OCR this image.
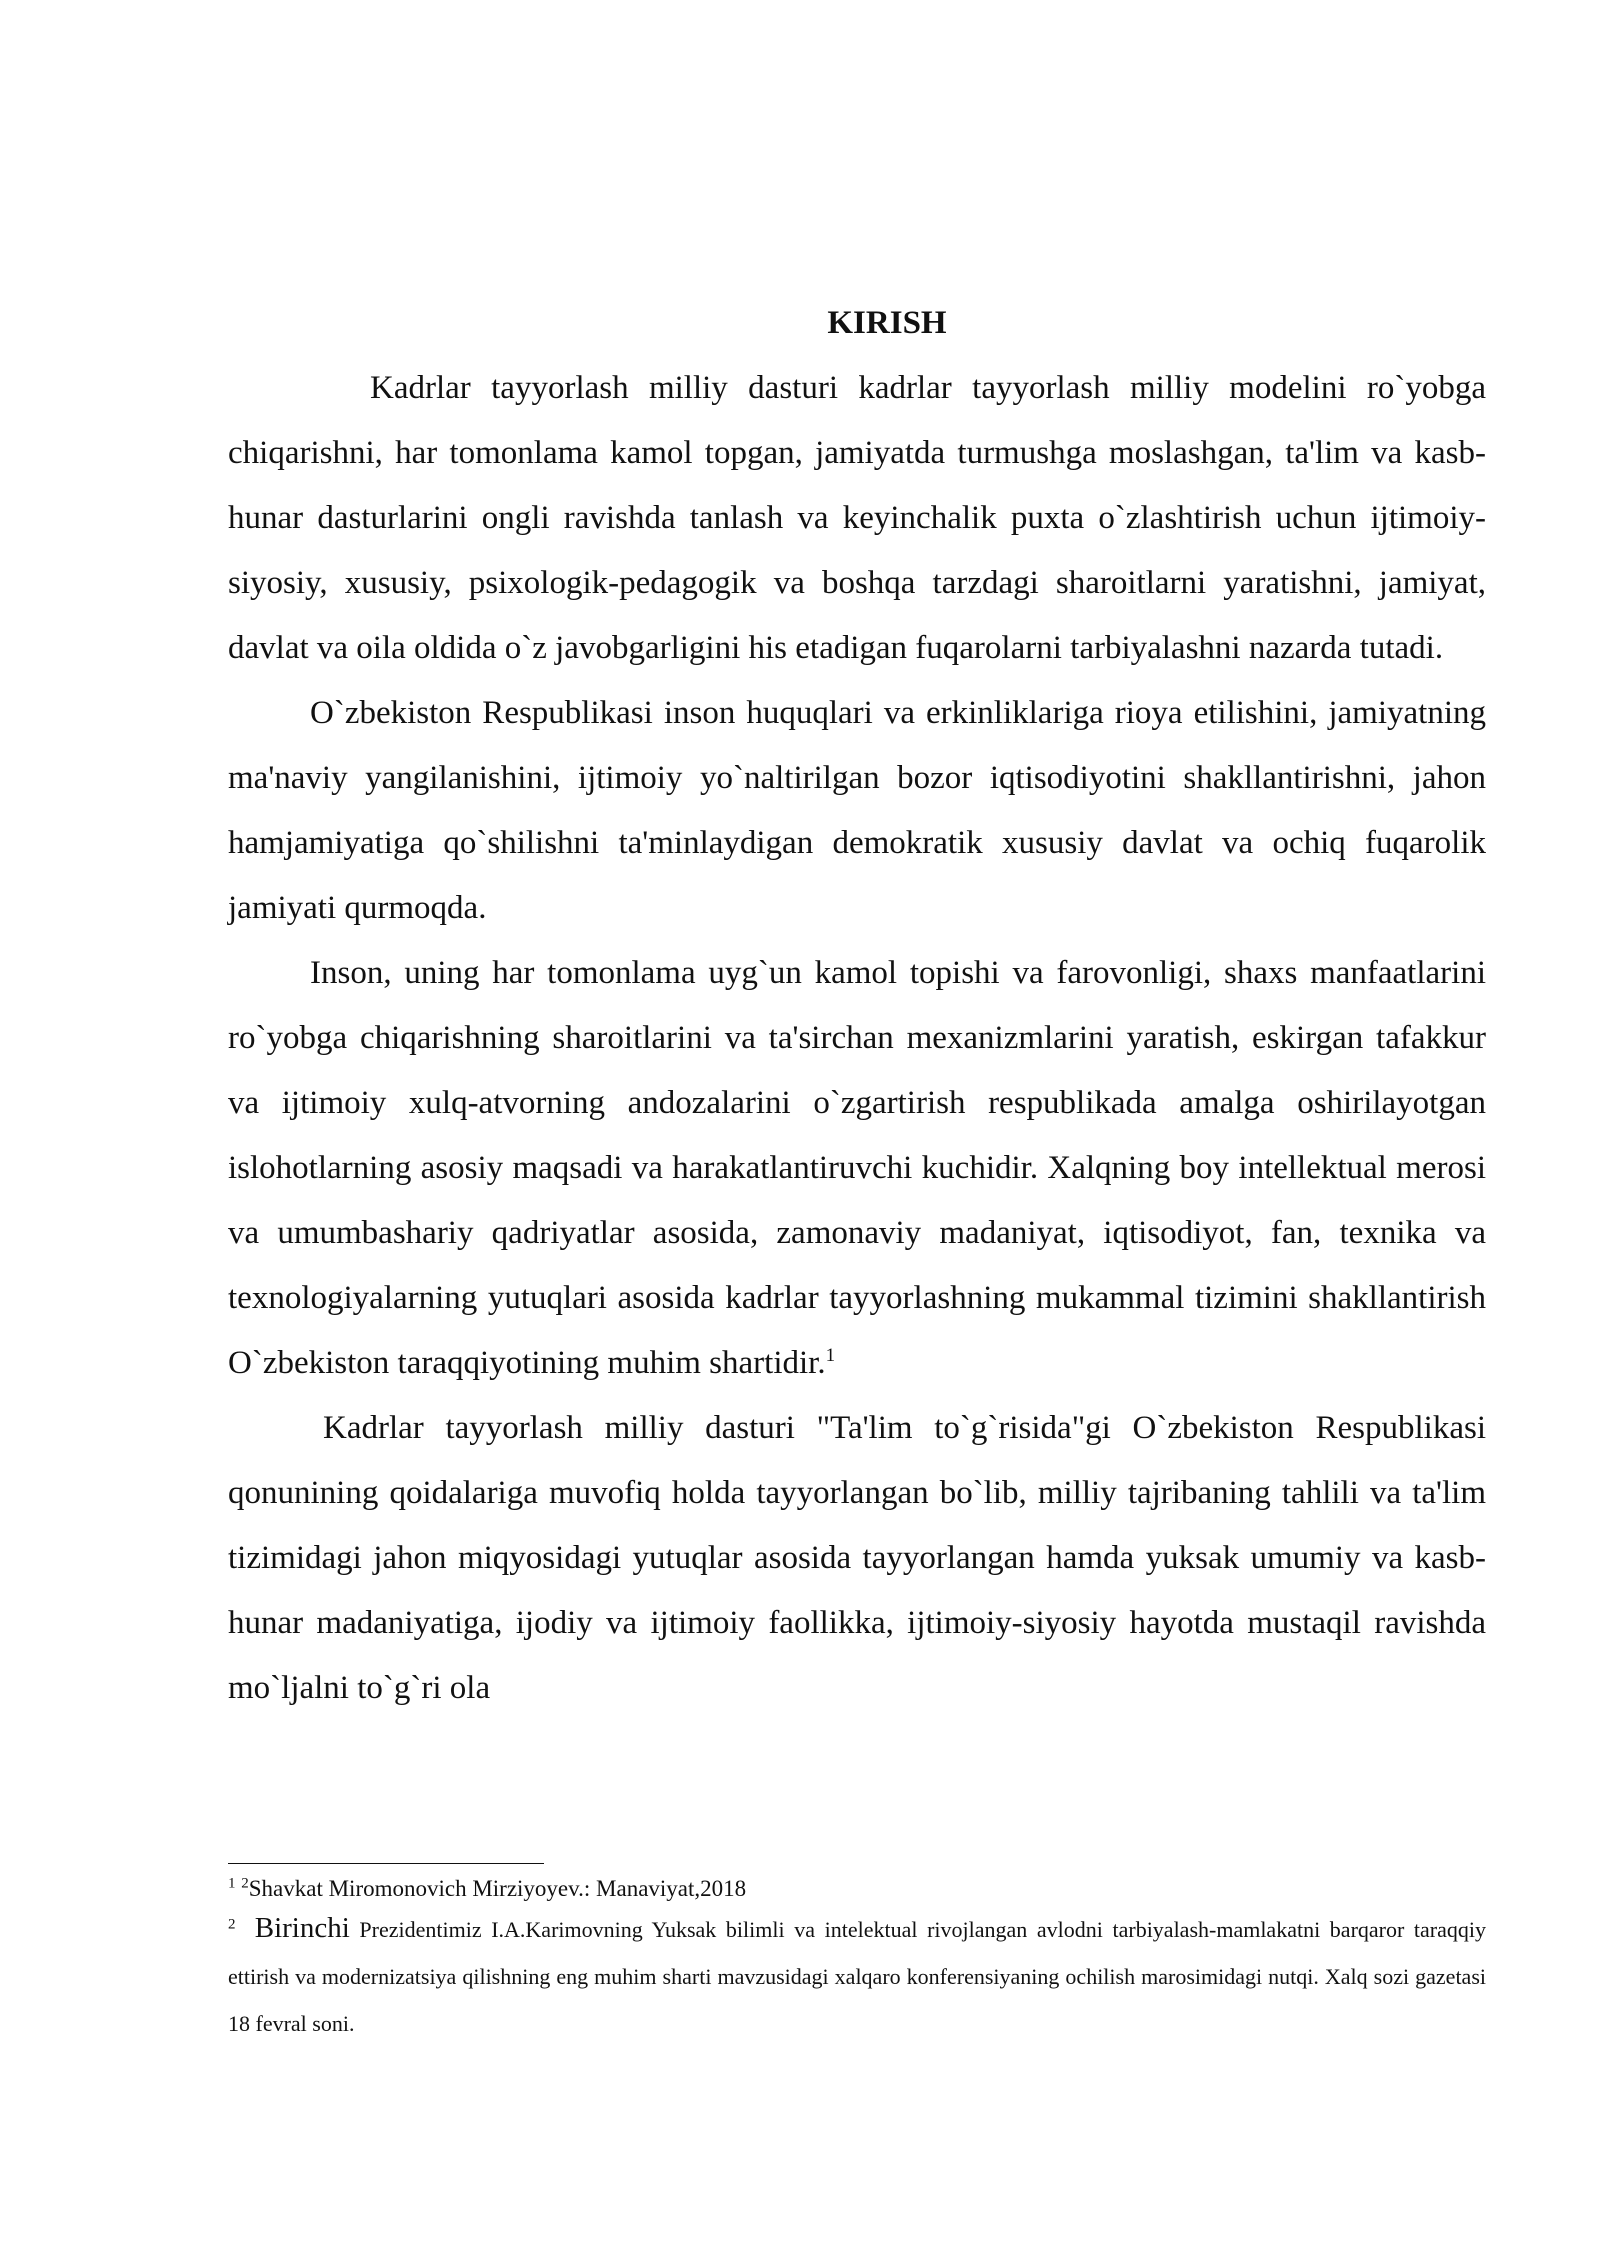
KIRISH

Kadrlar tayyorlash milliy dasturi kadrlar tayyorlash milliy modelini ro`yobga chiqarishni, har tomonlama kamol topgan, jamiyatda turmushga moslashgan, ta'lim va kasb-hunar dasturlarini ongli ravishda tanlash va keyinchalik puxta o`zlashtirish uchun ijtimoiy-siyosiy, xususiy, psixologik-pedagogik va boshqa tarzdagi sharoitlarni yaratishni, jamiyat, davlat va oila oldida o`z javobgarligini his etadigan fuqarolarni tarbiyalashni nazarda tutadi.

O`zbekiston Respublikasi inson huquqlari va erkinliklariga rioya etilishini, jamiyatning ma'naviy yangilanishini, ijtimoiy yo`naltirilgan bozor iqtisodiyotini shakllantirishni, jahon hamjamiyatiga qo`shilishni ta'minlaydigan demokratik xususiy davlat va ochiq fuqarolik jamiyati qurmoqda.

Inson, uning har tomonlama uyg`un kamol topishi va farovonligi, shaxs manfaatlarini ro`yobga chiqarishning sharoitlarini va ta'sirchan mexanizmlarini yaratish, eskirgan tafakkur va ijtimoiy xulq-atvorning andozalarini o`zgartirish respublikada amalga oshirilayotgan islohotlarning asosiy maqsadi va harakatlantiruvchi kuchidir. Xalqning boy intellektual merosi va umumbashariy qadriyatlar asosida, zamonaviy madaniyat, iqtisodiyot, fan, texnika va texnologiyalarning yutuqlari asosida kadrlar tayyorlashning mukammal tizimini shakllantirish O`zbekiston taraqqiyotining muhim shartidir.$^1$

Kadrlar tayyorlash milliy dasturi "Ta'lim to`g`risida"gi O`zbekiston Respublikasi qonunining qoidalariga muvofiq holda tayyorlangan bo`lib, milliy tajribaning tahlili va ta'lim tizimidagi jahon miqyosidagi yutuqlar asosida tayyorlangan hamda yuksak umumiy va kasb-hunar madaniyatiga, ijodiy va ijtimoiy faollikka, ijtimoiy-siyosiy hayotda mustaqil ravishda mo`ljalni to`g`ri ola

$^1$ $^2$Shavkat Miromonovich Mirziyoyev.: Manaviyat,2018

$^2$ Birinchi Prezidentimiz I.A.Karimovning Yuksak bilimli va intelektual rivojlangan avlodni tarbiyalash-mamlakatni barqaror taraqqiy ettirish va modernizatsiya qilishning eng muhim sharti mavzusidagi xalqaro konferensiyaning ochilish marosimidagi nutqi. Xalq sozi gazetasi 18 fevral soni.
